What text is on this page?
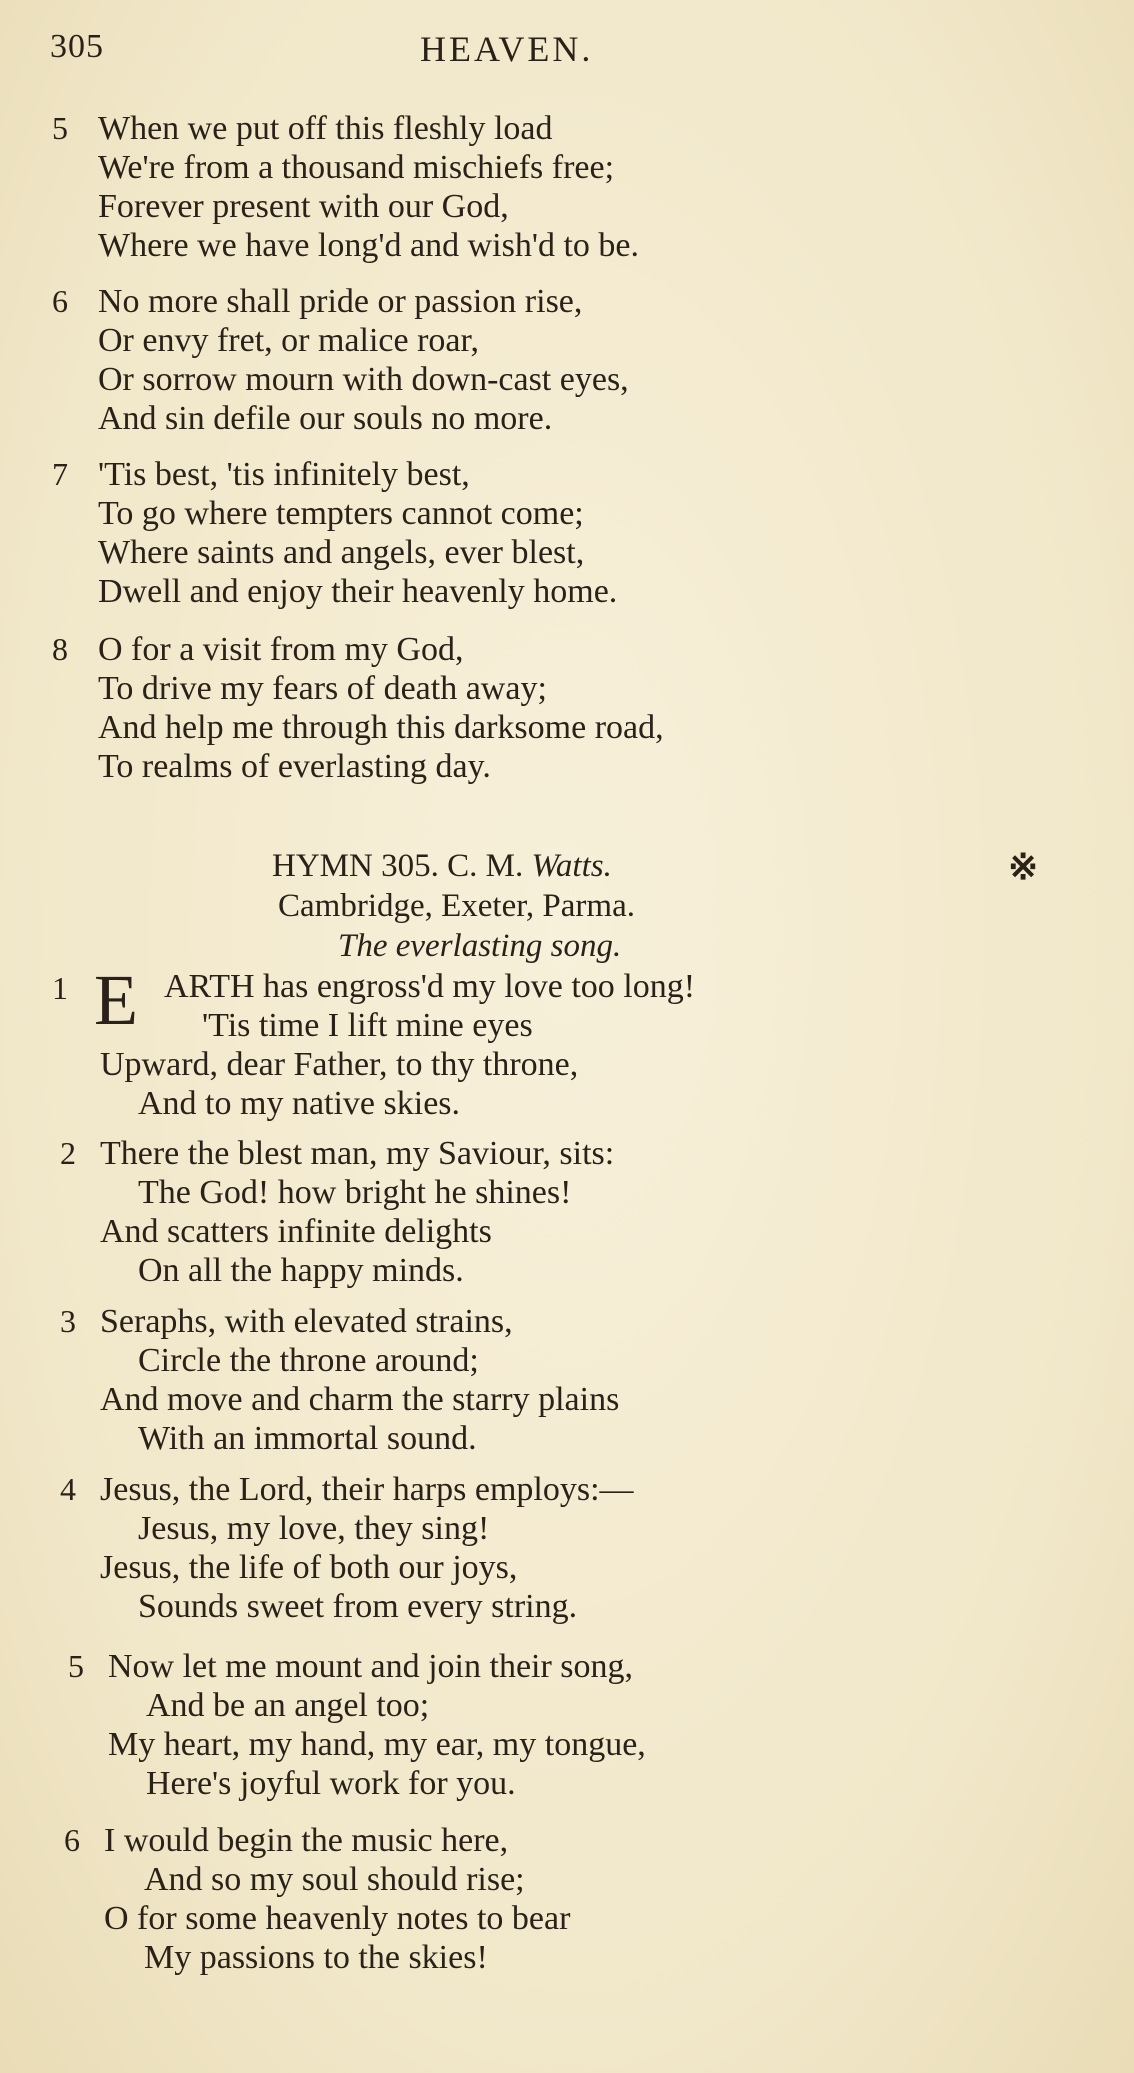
305	HEAVEN.
5 When we put off this fleshly load
We're from a thousand mischiefs free;
Forever present with our God,
Where we have long'd and wish'd to be.
6 No more shall pride or passion rise,
Or envy fret, or malice roar,
Or sorrow mourn with down-cast eyes,
And sin defile our souls no more.
7 'Tis best, 'tis infinitely best,
To go where tempters cannot come;
Where saints and angels, ever blest,
Dwell and enjoy their heavenly home.
8 O for a visit from my God,
To drive my fears of death away;
And help me through this darksome road,
To realms of everlasting day.
HYMN 305. C. M. Watts.	※
Cambridge, Exeter, Parma.
The everlasting song.
1 E ARTH has engross'd my love too long!
'Tis time I lift mine eyes
Upward, dear Father, to thy throne,
And to my native skies.
2 There the blest man, my Saviour, sits:
The God! how bright he shines!
And scatters infinite delights
On all the happy minds.
3 Seraphs, with elevated strains,
Circle the throne around;
And move and charm the starry plains
With an immortal sound.
4 Jesus, the Lord, their harps employs:—
Jesus, my love, they sing!
Jesus, the life of both our joys,
Sounds sweet from every string.
5 Now let me mount and join their song,
And be an angel too;
My heart, my hand, my ear, my tongue,
Here's joyful work for you.
6 I would begin the music here,
And so my soul should rise;
O for some heavenly notes to bear
My passions to the skies!
